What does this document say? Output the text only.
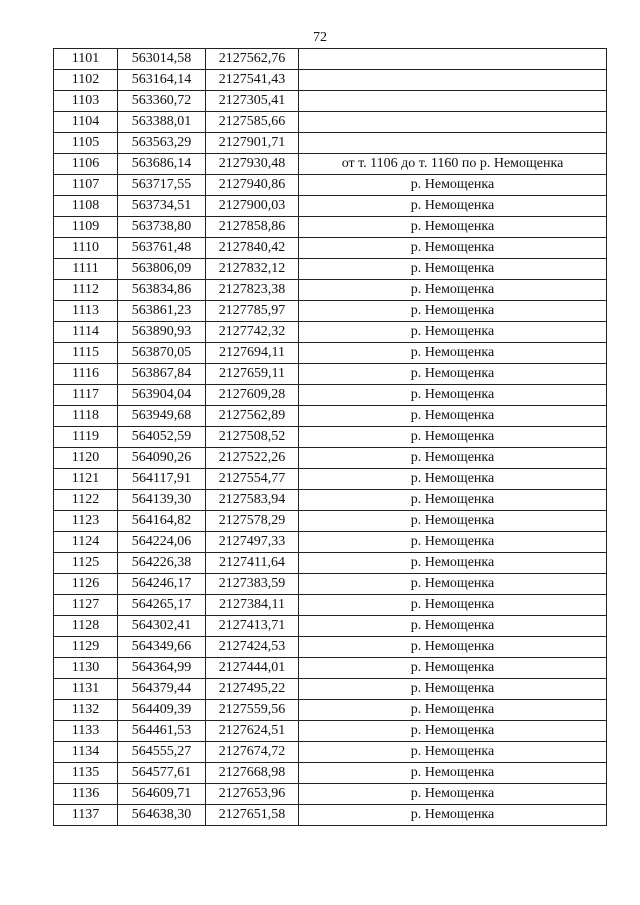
72
1101	563014,58	2127562,76	
1102	563164,14	2127541,43	
1103	563360,72	2127305,41	
1104	563388,01	2127585,66	
1105	563563,29	2127901,71	
1106	563686,14	2127930,48	от т. 1106 до т. 1160 по р. Немощенка
1107	563717,55	2127940,86	р. Немощенка
1108	563734,51	2127900,03	р. Немощенка
1109	563738,80	2127858,86	р. Немощенка
1110	563761,48	2127840,42	р. Немощенка
1111	563806,09	2127832,12	р. Немощенка
1112	563834,86	2127823,38	р. Немощенка
1113	563861,23	2127785,97	р. Немощенка
1114	563890,93	2127742,32	р. Немощенка
1115	563870,05	2127694,11	р. Немощенка
1116	563867,84	2127659,11	р. Немощенка
1117	563904,04	2127609,28	р. Немощенка
1118	563949,68	2127562,89	р. Немощенка
1119	564052,59	2127508,52	р. Немощенка
1120	564090,26	2127522,26	р. Немощенка
1121	564117,91	2127554,77	р. Немощенка
1122	564139,30	2127583,94	р. Немощенка
1123	564164,82	2127578,29	р. Немощенка
1124	564224,06	2127497,33	р. Немощенка
1125	564226,38	2127411,64	р. Немощенка
1126	564246,17	2127383,59	р. Немощенка
1127	564265,17	2127384,11	р. Немощенка
1128	564302,41	2127413,71	р. Немощенка
1129	564349,66	2127424,53	р. Немощенка
1130	564364,99	2127444,01	р. Немощенка
1131	564379,44	2127495,22	р. Немощенка
1132	564409,39	2127559,56	р. Немощенка
1133	564461,53	2127624,51	р. Немощенка
1134	564555,27	2127674,72	р. Немощенка
1135	564577,61	2127668,98	р. Немощенка
1136	564609,71	2127653,96	р. Немощенка
1137	564638,30	2127651,58	р. Немощенка
